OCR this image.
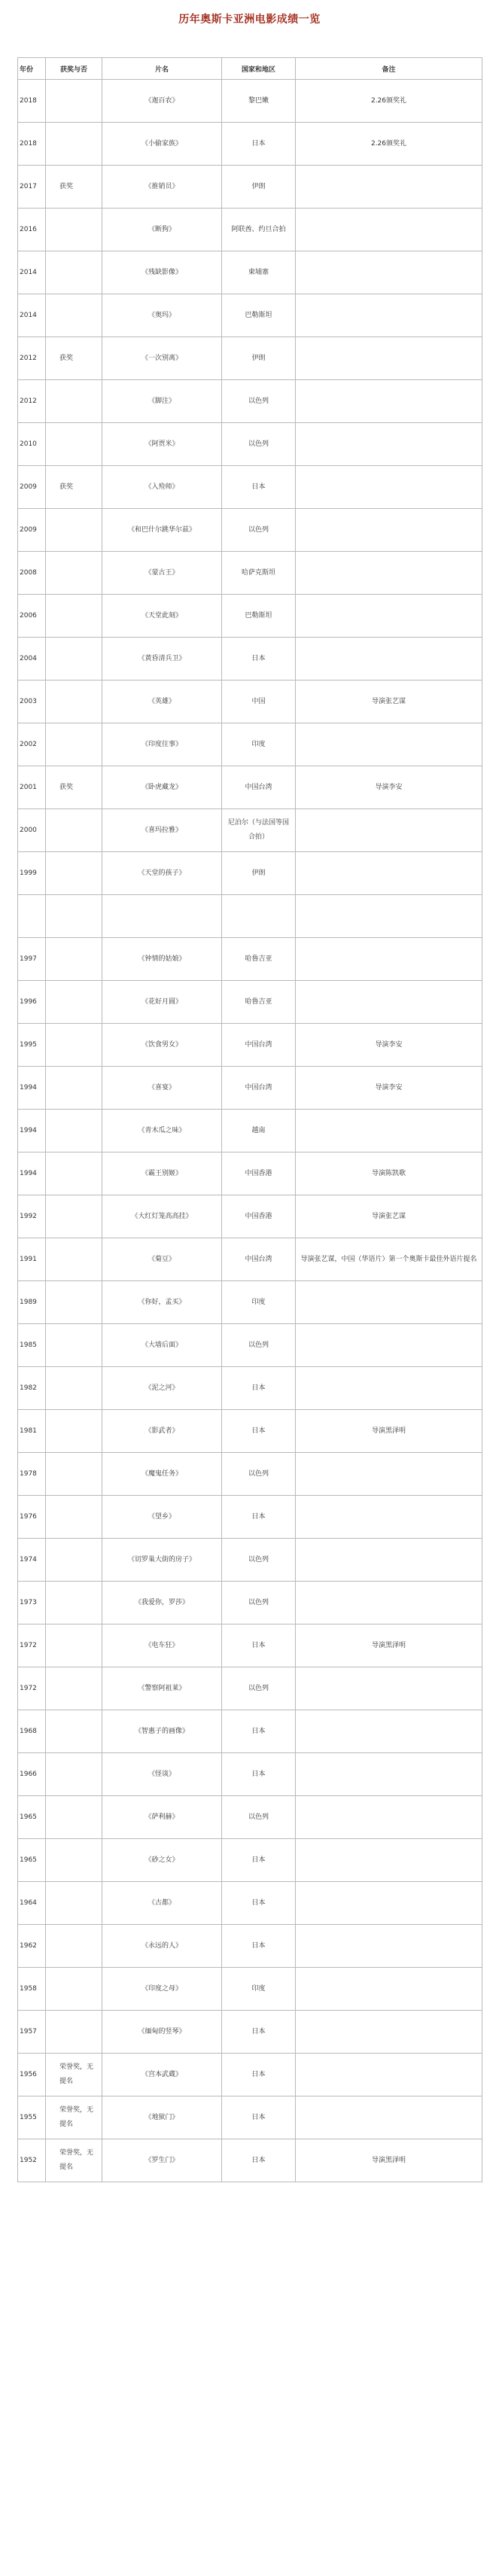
历年奥斯卡亚洲电影成绩一览
年份	获奖与否	片名	国家和地区	备注

2018		《迦百农》	黎巴嫩	2.26颁奖礼

2018		《小偷家族》	日本	2.26颁奖礼

2017	获奖	《推销员》	伊朗	

2016		《断狗》	阿联酋、约旦合拍	

2014		《残缺影像》	柬埔寨	

2014		《奥玛》	巴勒斯坦	

2012	获奖	《一次别离》	伊朗	

2012		《脚注》	以色列	

2010		《阿贾米》	以色列	

2009	获奖	《入殓师》	日本	

2009		《和巴什尔跳华尔兹》	以色列	

2008		《蒙古王》	哈萨克斯坦	

2006		《天堂此刻》	巴勒斯坦	

2004		《黄昏清兵卫》	日本	

2003		《英雄》	中国	导演张艺谋

2002		《印度往事》	印度	

2001	获奖	《卧虎藏龙》	中国台湾	导演李安

2000		《喜玛拉雅》	尼泊尔（与法国等国合拍）	

1999		《天堂的孩子》	伊朗	

1997		《钟情的姑娘》	哈鲁吉亚	

1996		《花好月圆》	哈鲁吉亚	

1995		《饮食男女》	中国台湾	导演李安

1994		《喜宴》	中国台湾	导演李安

1994		《青木瓜之味》	越南	

1994		《霸王别姬》	中国香港	导演陈凯歌

1992		《大红灯笼高高挂》	中国香港	导演张艺谋

1991		《菊豆》	中国台湾	导演张艺谋，中国（华语片）第一个奥斯卡最佳外语片提名

1989		《你好，孟买》	印度	

1985		《大墙后面》	以色列	

1982		《泥之河》	日本	

1981		《影武者》	日本	导演黑泽明

1978		《魔鬼任务》	以色列	

1976		《望乡》	日本	

1974		《切罗巢大街的房子》	以色列	

1973		《我爱你，罗莎》	以色列	

1972		《电车狂》	日本	导演黑泽明

1972		《警察阿祖莱》	以色列	

1968		《智惠子的画像》	日本	

1966		《怪谈》	日本	

1965		《萨利赫》	以色列	

1965		《砂之女》	日本	

1964		《古都》	日本	

1962		《永远的人》	日本	

1958		《印度之母》	印度	

1957		《缅甸的竖琴》	日本	

1956	荣誉奖，无提名	《宫本武蔵》	日本	

1955	荣誉奖，无提名	《地狱门》	日本	

1952	荣誉奖，无提名	《罗生门》	日本	导演黑泽明
